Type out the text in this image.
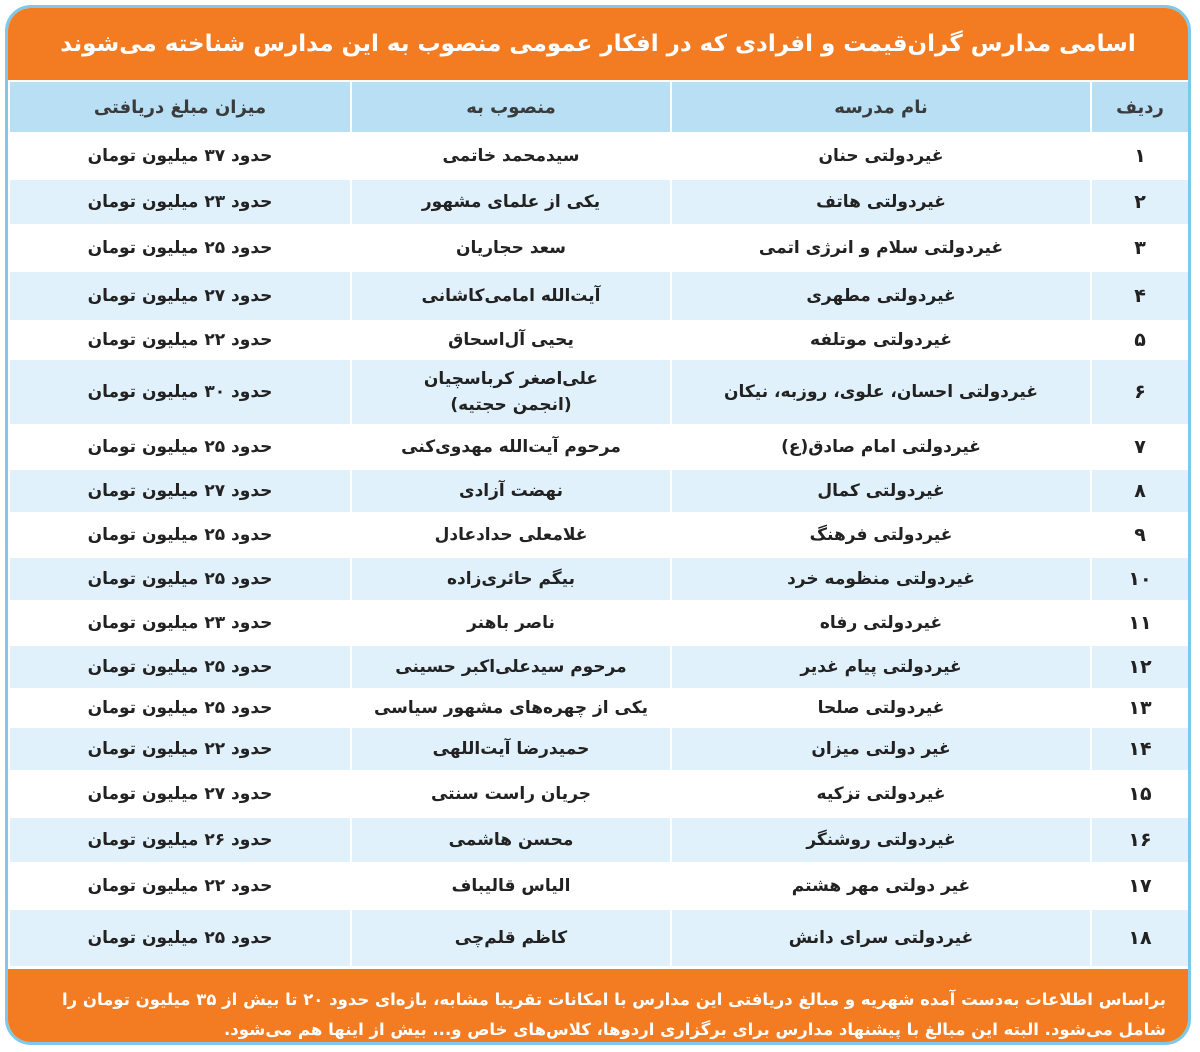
اسامی مدارس گران‌قیمت و افرادی که در افکار عمومی منصوب به این مدارس شناخته می‌شوند
ردیف	نام مدرسه	منصوب به	میزان مبلغ دریافتی
۱	غیردولتی حنان	سیدمحمد خاتمی	حدود ۳۷ میلیون تومان
۲	غیردولتی هاتف	یکی از علمای مشهور	حدود ۲۳ میلیون تومان
۳	غیردولتی سلام و انرژی اتمی	سعد حجاریان	حدود ۲۵ میلیون تومان
۴	غیردولتی مطهری	آیت‌الله امامی‌کاشانی	حدود ۲۷ میلیون تومان
۵	غیردولتی موتلفه	یحیی آل‌اسحاق	حدود ۲۲ میلیون تومان
۶	غیردولتی احسان، علوی، روزبه، نیکان	علی‌اصغر کرباسچیان
(انجمن حجتیه)	حدود ۳۰ میلیون تومان
۷	غیردولتی امام صادق(ع)	مرحوم آیت‌الله مهدوی‌کنی	حدود ۲۵ میلیون تومان
۸	غیردولتی کمال	نهضت آزادی	حدود ۲۷ میلیون تومان
۹	غیردولتی فرهنگ	غلامعلی حدادعادل	حدود ۲۵ میلیون تومان
۱۰	غیردولتی منظومه خرد	بیگم حائری‌زاده	حدود ۲۵ میلیون تومان
۱۱	غیردولتی رفاه	ناصر باهنر	حدود ۲۳ میلیون تومان
۱۲	غیردولتی پیام غدیر	مرحوم سیدعلی‌اکبر حسینی	حدود ۲۵ میلیون تومان
۱۳	غیردولتی صلحا	یکی از چهره‌های مشهور سیاسی	حدود ۲۵ میلیون تومان
۱۴	غیر دولتی میزان	حمیدرضا آیت‌اللهی	حدود ۲۲ میلیون تومان
۱۵	غیردولتی تزکیه	جریان راست سنتی	حدود ۲۷ میلیون تومان
۱۶	غیردولتی روشنگر	محسن هاشمی	حدود ۲۶ میلیون تومان
۱۷	غیر دولتی مهر هشتم	الیاس قالیباف	حدود ۲۲ میلیون تومان
۱۸	غیردولتی سرای دانش	کاظم قلم‌چی	حدود ۲۵ میلیون تومان
براساس اطلاعات به‌دست آمده شهریه و مبالغ دریافتی این مدارس با امکانات تقریبا مشابه، بازه‌ای حدود ۲۰ تا بیش از ۳۵ میلیون تومان را
شامل می‌شود. البته این مبالغ با پیشنهاد مدارس برای برگزاری اردوها، کلاس‌های خاص و... بیش از اینها هم می‌شود.
